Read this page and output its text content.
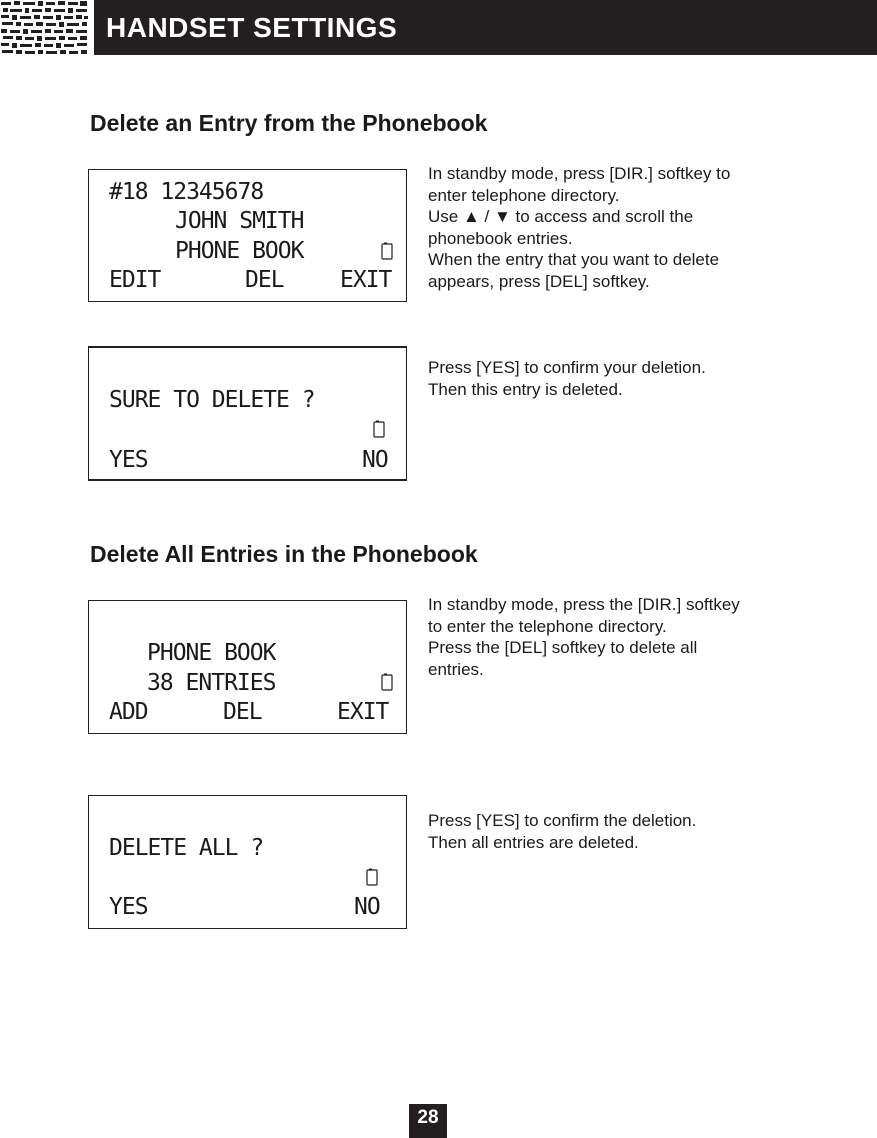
HANDSET SETTINGS
Delete an Entry from the Phonebook
#18 12345678
JOHN SMITH
PHONE BOOK
EDIT	DEL EXIT

In standby mode, press [DIR.] softkey to

enter telephone directory.

Use ▲ / ▼ to access and scroll the

phonebook entries.

When the entry that you want to delete

appears, press [DEL] softkey.

SURE TO DELETE ?
YES	NO

Press [YES] to confirm your deletion.

Then this entry is deleted.

Delete All Entries in the Phonebook
PHONE BOOK
38 ENTRIES
ADD	DEL	EXIT

In standby mode, press the [DIR.] softkey

to enter the telephone directory.

Press the [DEL] softkey to delete all

entries.

DELETE ALL ?
YES	NO

Press [YES] to confirm the deletion.

Then all entries are deleted.

28
